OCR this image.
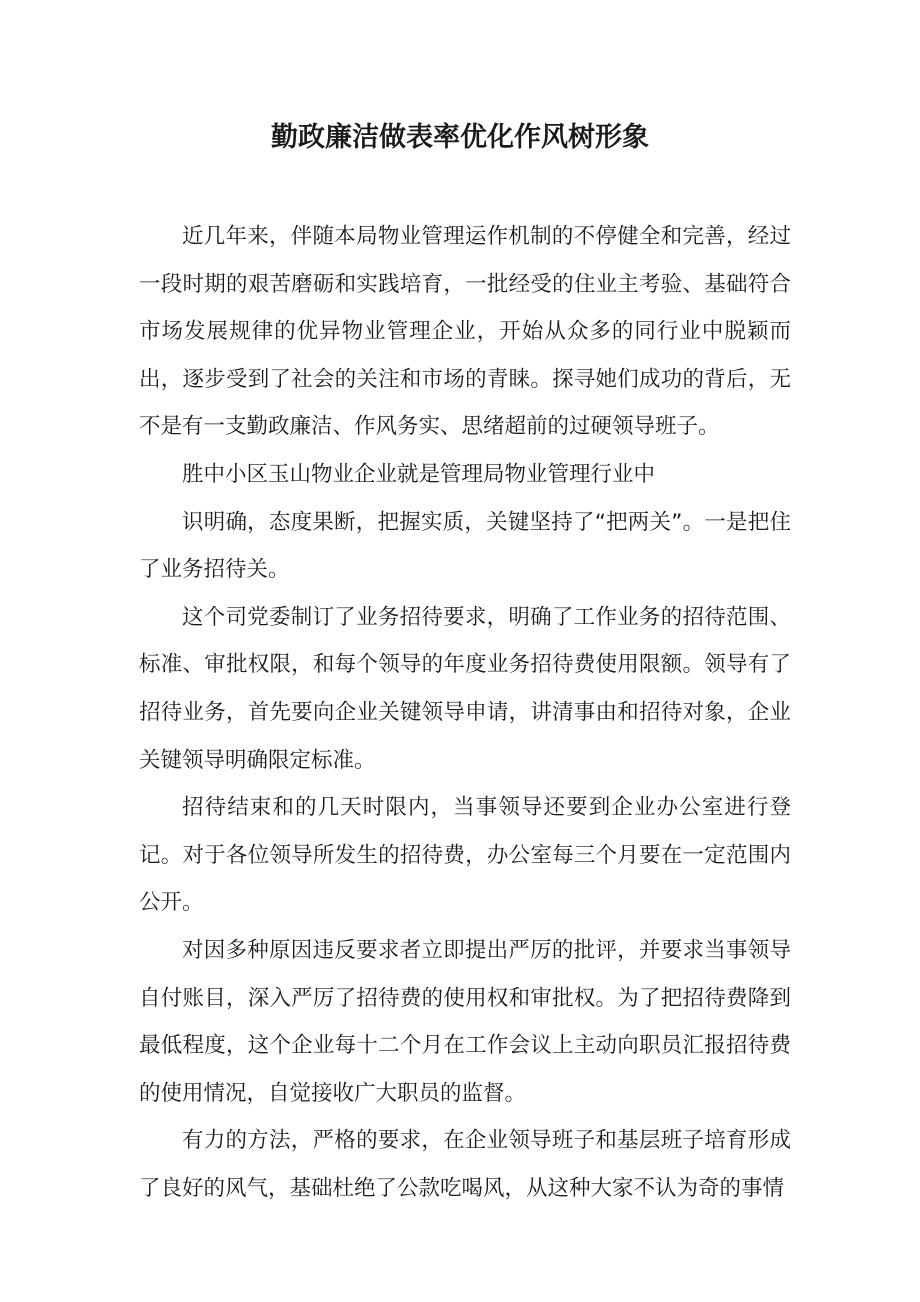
勤政廉洁做表率优化作风树形象

近几年来，伴随本局物业管理运作机制的不停健全和完善，经过一段时期的艰苦磨砺和实践培育，一批经受的住业主考验、基础符合市场发展规律的优异物业管理企业，开始从众多的同行业中脱颖而出，逐步受到了社会的关注和市场的青睐。探寻她们成功的背后，无不是有一支勤政廉洁、作风务实、思绪超前的过硬领导班子。

胜中小区玉山物业企业就是管理局物业管理行业中

识明确，态度果断，把握实质，关键坚持了“把两关”。一是把住了业务招待关。

这个司党委制订了业务招待要求，明确了工作业务的招待范围、标准、审批权限，和每个领导的年度业务招待费使用限额。领导有了招待业务，首先要向企业关键领导申请，讲清事由和招待对象，企业关键领导明确限定标准。

招待结束和的几天时限内，当事领导还要到企业办公室进行登记。对于各位领导所发生的招待费，办公室每三个月要在一定范围内公开。

对因多种原因违反要求者立即提出严厉的批评，并要求当事领导自付账目，深入严厉了招待费的使用权和审批权。为了把招待费降到最低程度，这个企业每十二个月在工作会议上主动向职员汇报招待费的使用情况，自觉接收广大职员的监督。

有力的方法，严格的要求，在企业领导班子和基层班子培育形成了良好的风气，基础杜绝了公款吃喝风，从这种大家不认为奇的事情
